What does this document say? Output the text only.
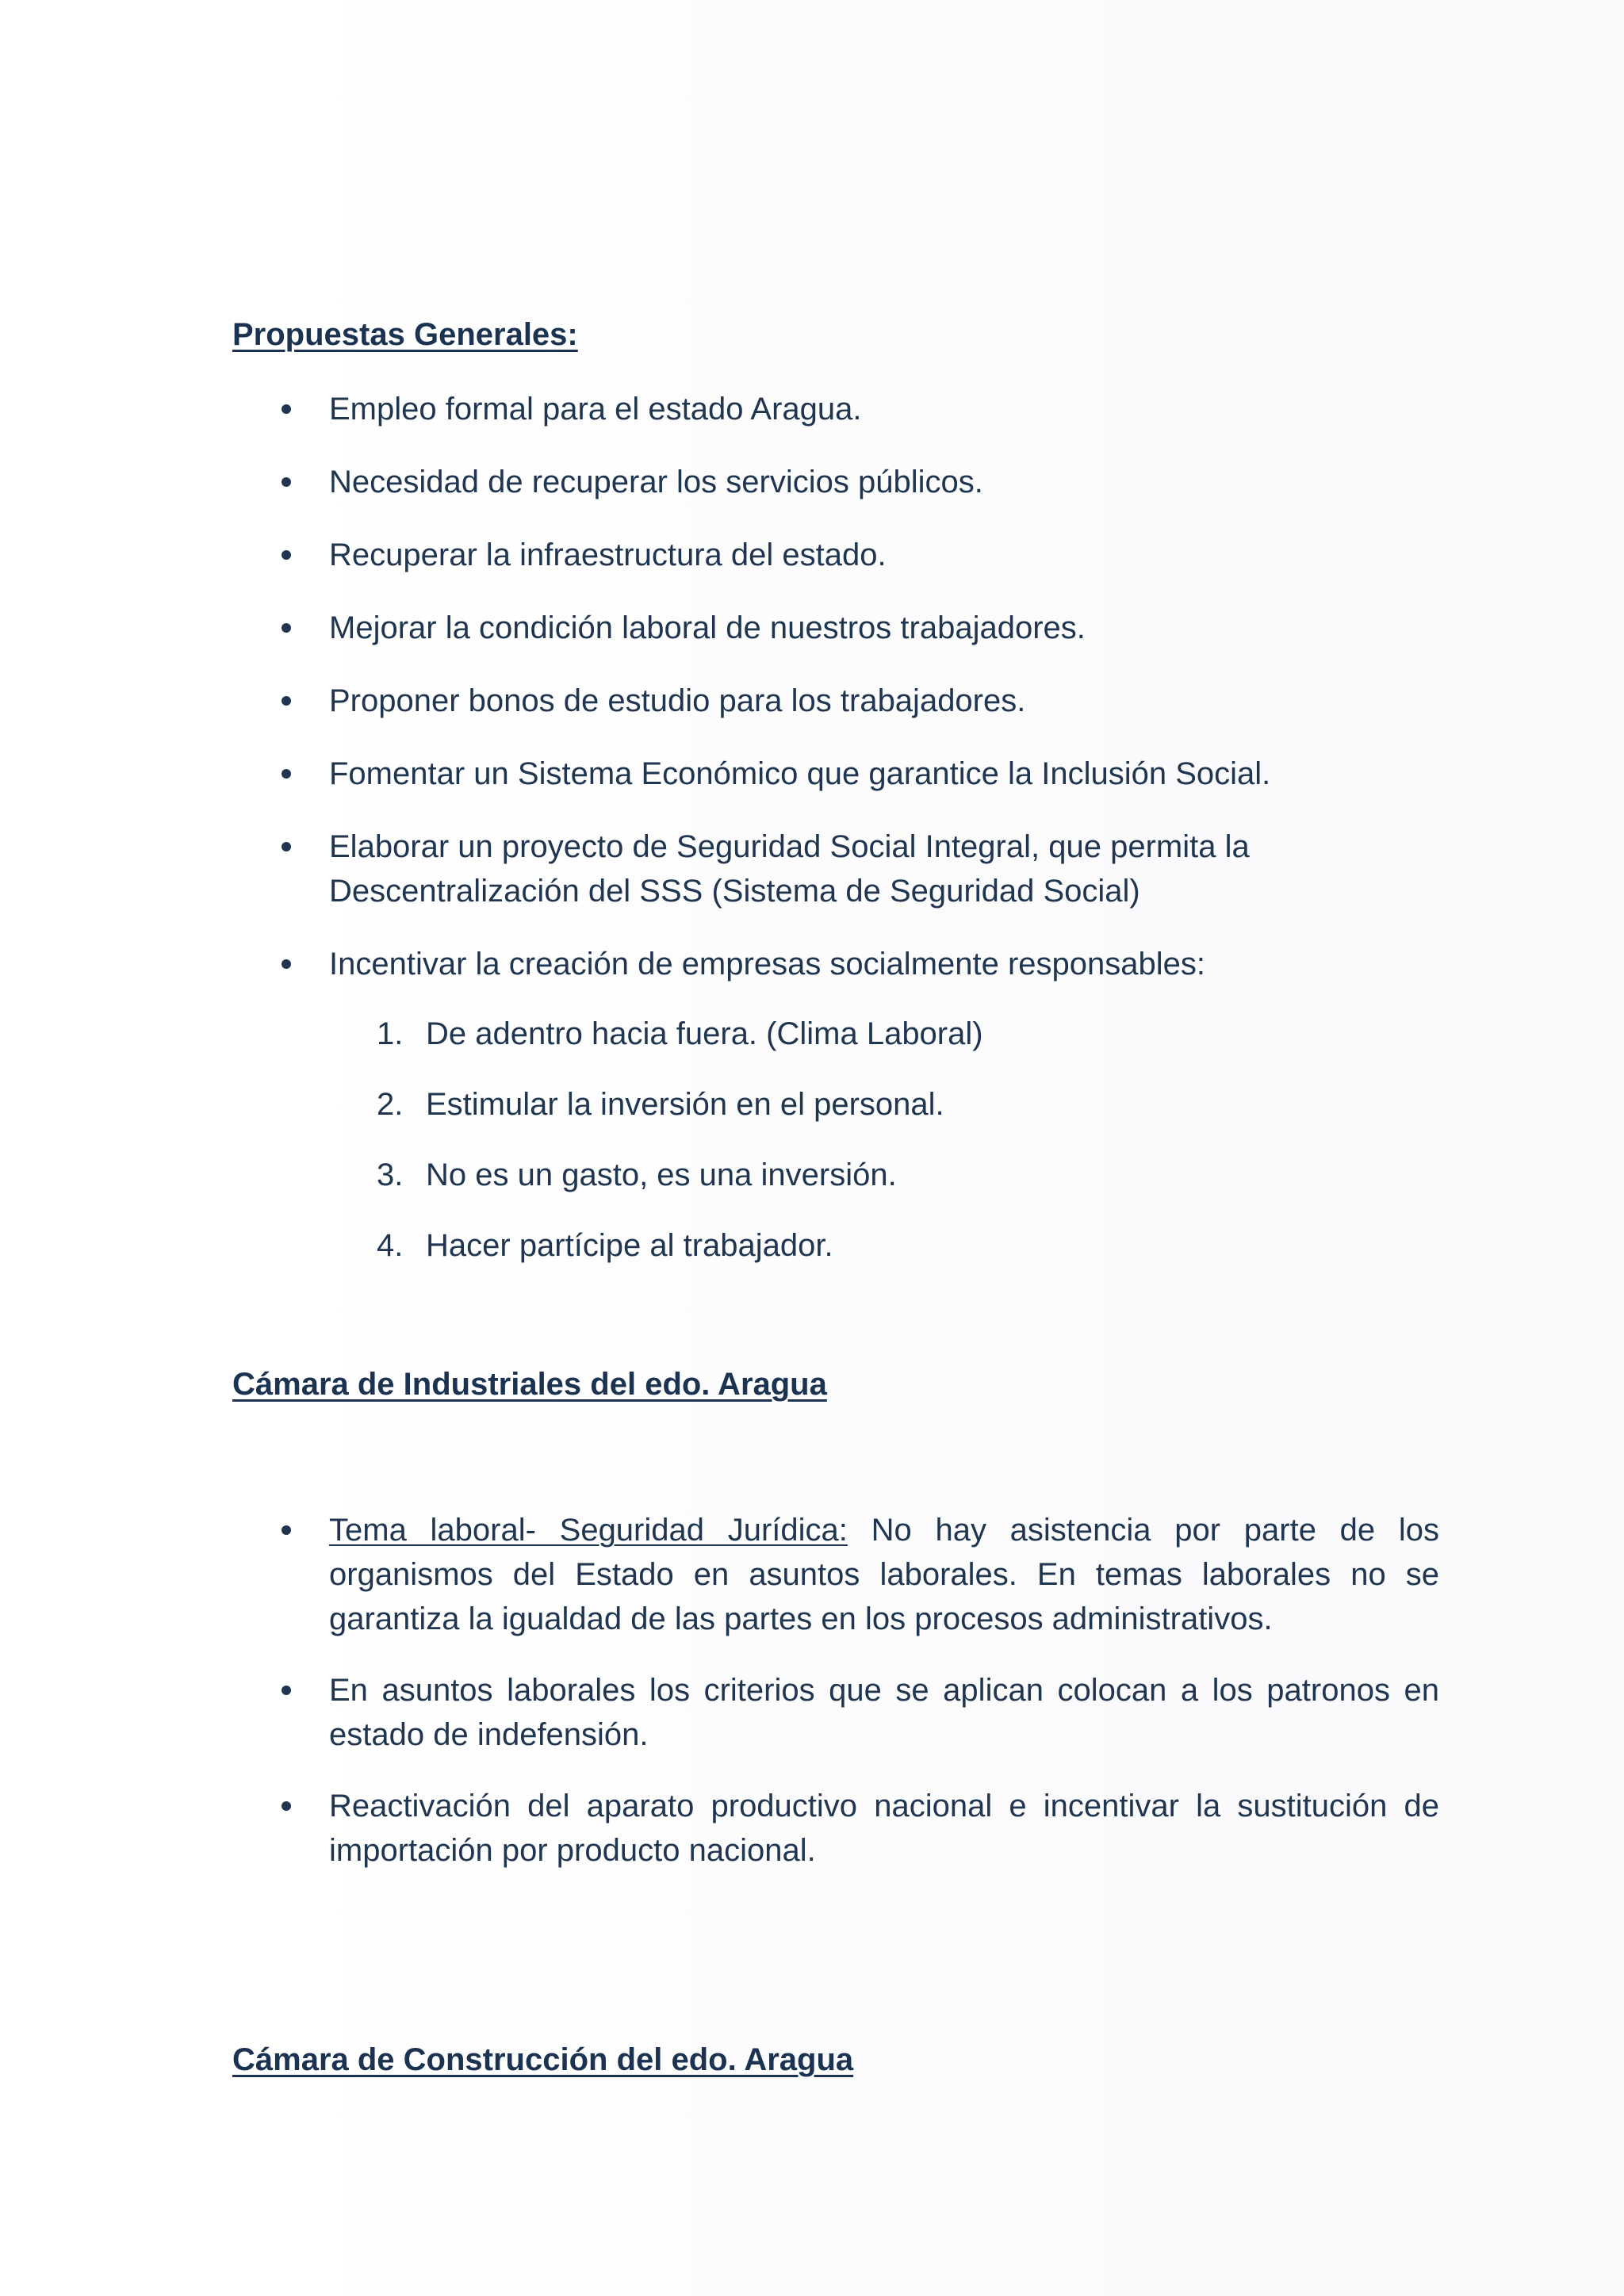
Propuestas Generales:
Empleo formal para el estado Aragua.
Necesidad de recuperar los servicios públicos.
Recuperar la infraestructura del estado.
Mejorar la condición laboral de nuestros trabajadores.
Proponer bonos de estudio para los trabajadores.
Fomentar un Sistema Económico que garantice la Inclusión Social.
Elaborar un proyecto de Seguridad Social Integral, que permita la Descentralización del SSS (Sistema de Seguridad Social)
Incentivar la creación de empresas socialmente responsables:
1. De adentro hacia fuera. (Clima Laboral)
2. Estimular la inversión en el personal.
3. No es un gasto, es una inversión.
4. Hacer partícipe al trabajador.
Cámara de Industriales del edo. Aragua
Tema laboral- Seguridad Jurídica: No hay asistencia por parte de los organismos del Estado en asuntos laborales. En temas laborales no se garantiza la igualdad de las partes en los procesos administrativos.
En asuntos laborales los criterios que se aplican colocan a los patronos en estado de indefensión.
Reactivación del aparato productivo nacional e incentivar la sustitución de importación por producto nacional.
Cámara de Construcción del edo. Aragua
